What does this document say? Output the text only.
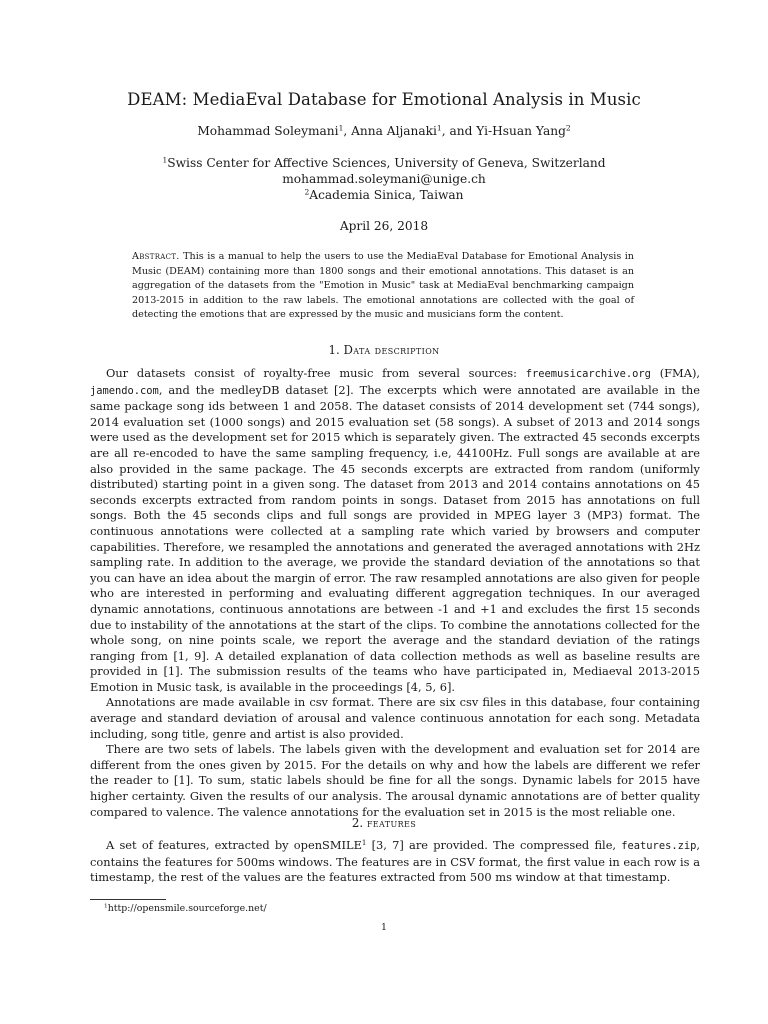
DEAM: MediaEval Database for Emotional Analysis in Music
Mohammad Soleymani$^1$, Anna Aljanaki$^1$, and Yi-Hsuan Yang$^2$
$^1$Swiss Center for Affective Sciences, University of Geneva, Switzerland
mohammad.soleymani@unige.ch
$^2$Academia Sinica, Taiwan
April 26, 2018
Abstract. This is a manual to help the users to use the MediaEval Database for Emotional Analysis in Music (DEAM) containing more than 1800 songs and their emotional annotations. This dataset is an aggregation of the datasets from the "Emotion in Music" task at MediaEval benchmarking campaign 2013-2015 in addition to the raw labels. The emotional annotations are collected with the goal of detecting the emotions that are expressed by the music and musicians form the content.
1. Data description

Our datasets consist of royalty-free music from several sources: freemusicarchive.org (FMA), jamendo.com, and the medleyDB dataset [2]. The excerpts which were annotated are available in the same package song ids between 1 and 2058. The dataset consists of 2014 development set (744 songs), 2014 evaluation set (1000 songs) and 2015 evaluation set (58 songs). A subset of 2013 and 2014 songs were used as the development set for 2015 which is separately given. The extracted 45 seconds excerpts are all re-encoded to have the same sampling frequency, i.e, 44100Hz. Full songs are available at are also provided in the same package. The 45 seconds excerpts are extracted from random (uniformly distributed) starting point in a given song. The dataset from 2013 and 2014 contains annotations on 45 seconds excerpts extracted from random points in songs. Dataset from 2015 has annotations on full songs. Both the 45 seconds clips and full songs are provided in MPEG layer 3 (MP3) format. The continuous annotations were collected at a sampling rate which varied by browsers and computer capabilities. Therefore, we resampled the annotations and generated the averaged annotations with 2Hz sampling rate. In addition to the average, we provide the standard deviation of the annotations so that you can have an idea about the margin of error. The raw resampled annotations are also given for people who are interested in performing and evaluating different aggregation techniques. In our averaged dynamic annotations, continuous annotations are between -1 and +1 and excludes the first 15 seconds due to instability of the annotations at the start of the clips. To combine the annotations collected for the whole song, on nine points scale, we report the average and the standard deviation of the ratings ranging from [1, 9]. A detailed explanation of data collection methods as well as baseline results are provided in [1]. The submission results of the teams who have participated in, Mediaeval 2013-2015 Emotion in Music task, is available in the proceedings [4, 5, 6].

Annotations are made available in csv format. There are six csv files in this database, four containing average and standard deviation of arousal and valence continuous annotation for each song. Metadata including, song title, genre and artist is also provided.

There are two sets of labels. The labels given with the development and evaluation set for 2014 are different from the ones given by 2015. For the details on why and how the labels are different we refer the reader to [1]. To sum, static labels should be fine for all the songs. Dynamic labels for 2015 have higher certainty. Given the results of our analysis. The arousal dynamic annotations are of better quality compared to valence. The valence annotations for the evaluation set in 2015 is the most reliable one.

2. features

A set of features, extracted by openSMILE$^1$ [3, 7] are provided. The compressed file, features.zip, contains the features for 500ms windows. The features are in CSV format, the first value in each row is a timestamp, the rest of the values are the features extracted from 500 ms window at that timestamp.

$^1$http://opensmile.sourceforge.net/
1
